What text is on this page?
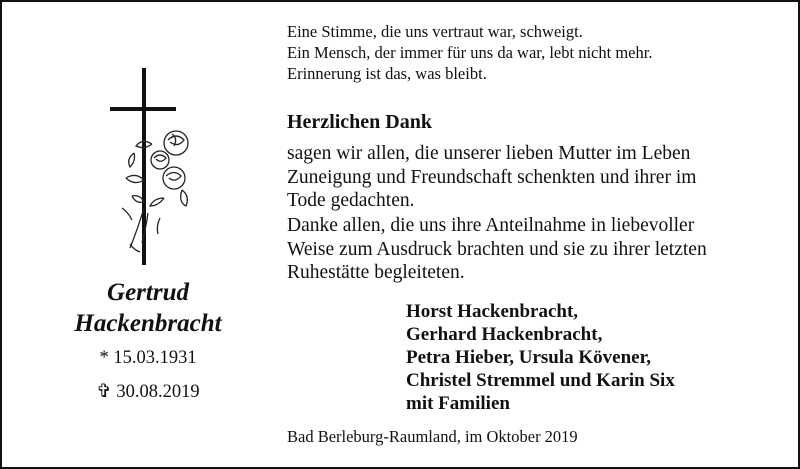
Eine Stimme, die uns vertraut war, schweigt.
Ein Mensch, der immer für uns da war, lebt nicht mehr.
Erinnerung ist das, was bleibt.
Herzlichen Dank
sagen wir allen, die unserer lieben Mutter im Leben
Zuneigung und Freundschaft schenkten und ihrer im
Tode gedachten.
Danke allen, die uns ihre Anteilnahme in liebevoller
Weise zum Ausdruck brachten und sie zu ihrer letzten
Ruhestätte begleiteten.
Horst Hackenbracht,
Gerhard Hackenbracht,
Petra Hieber, Ursula Kövener,
Christel Stremmel und Karin Six
mit Familien
Bad Berleburg-Raumland, im Oktober 2019
Gertrud
Hackenbracht
* 15.03.1931
✞ 30.08.2019
